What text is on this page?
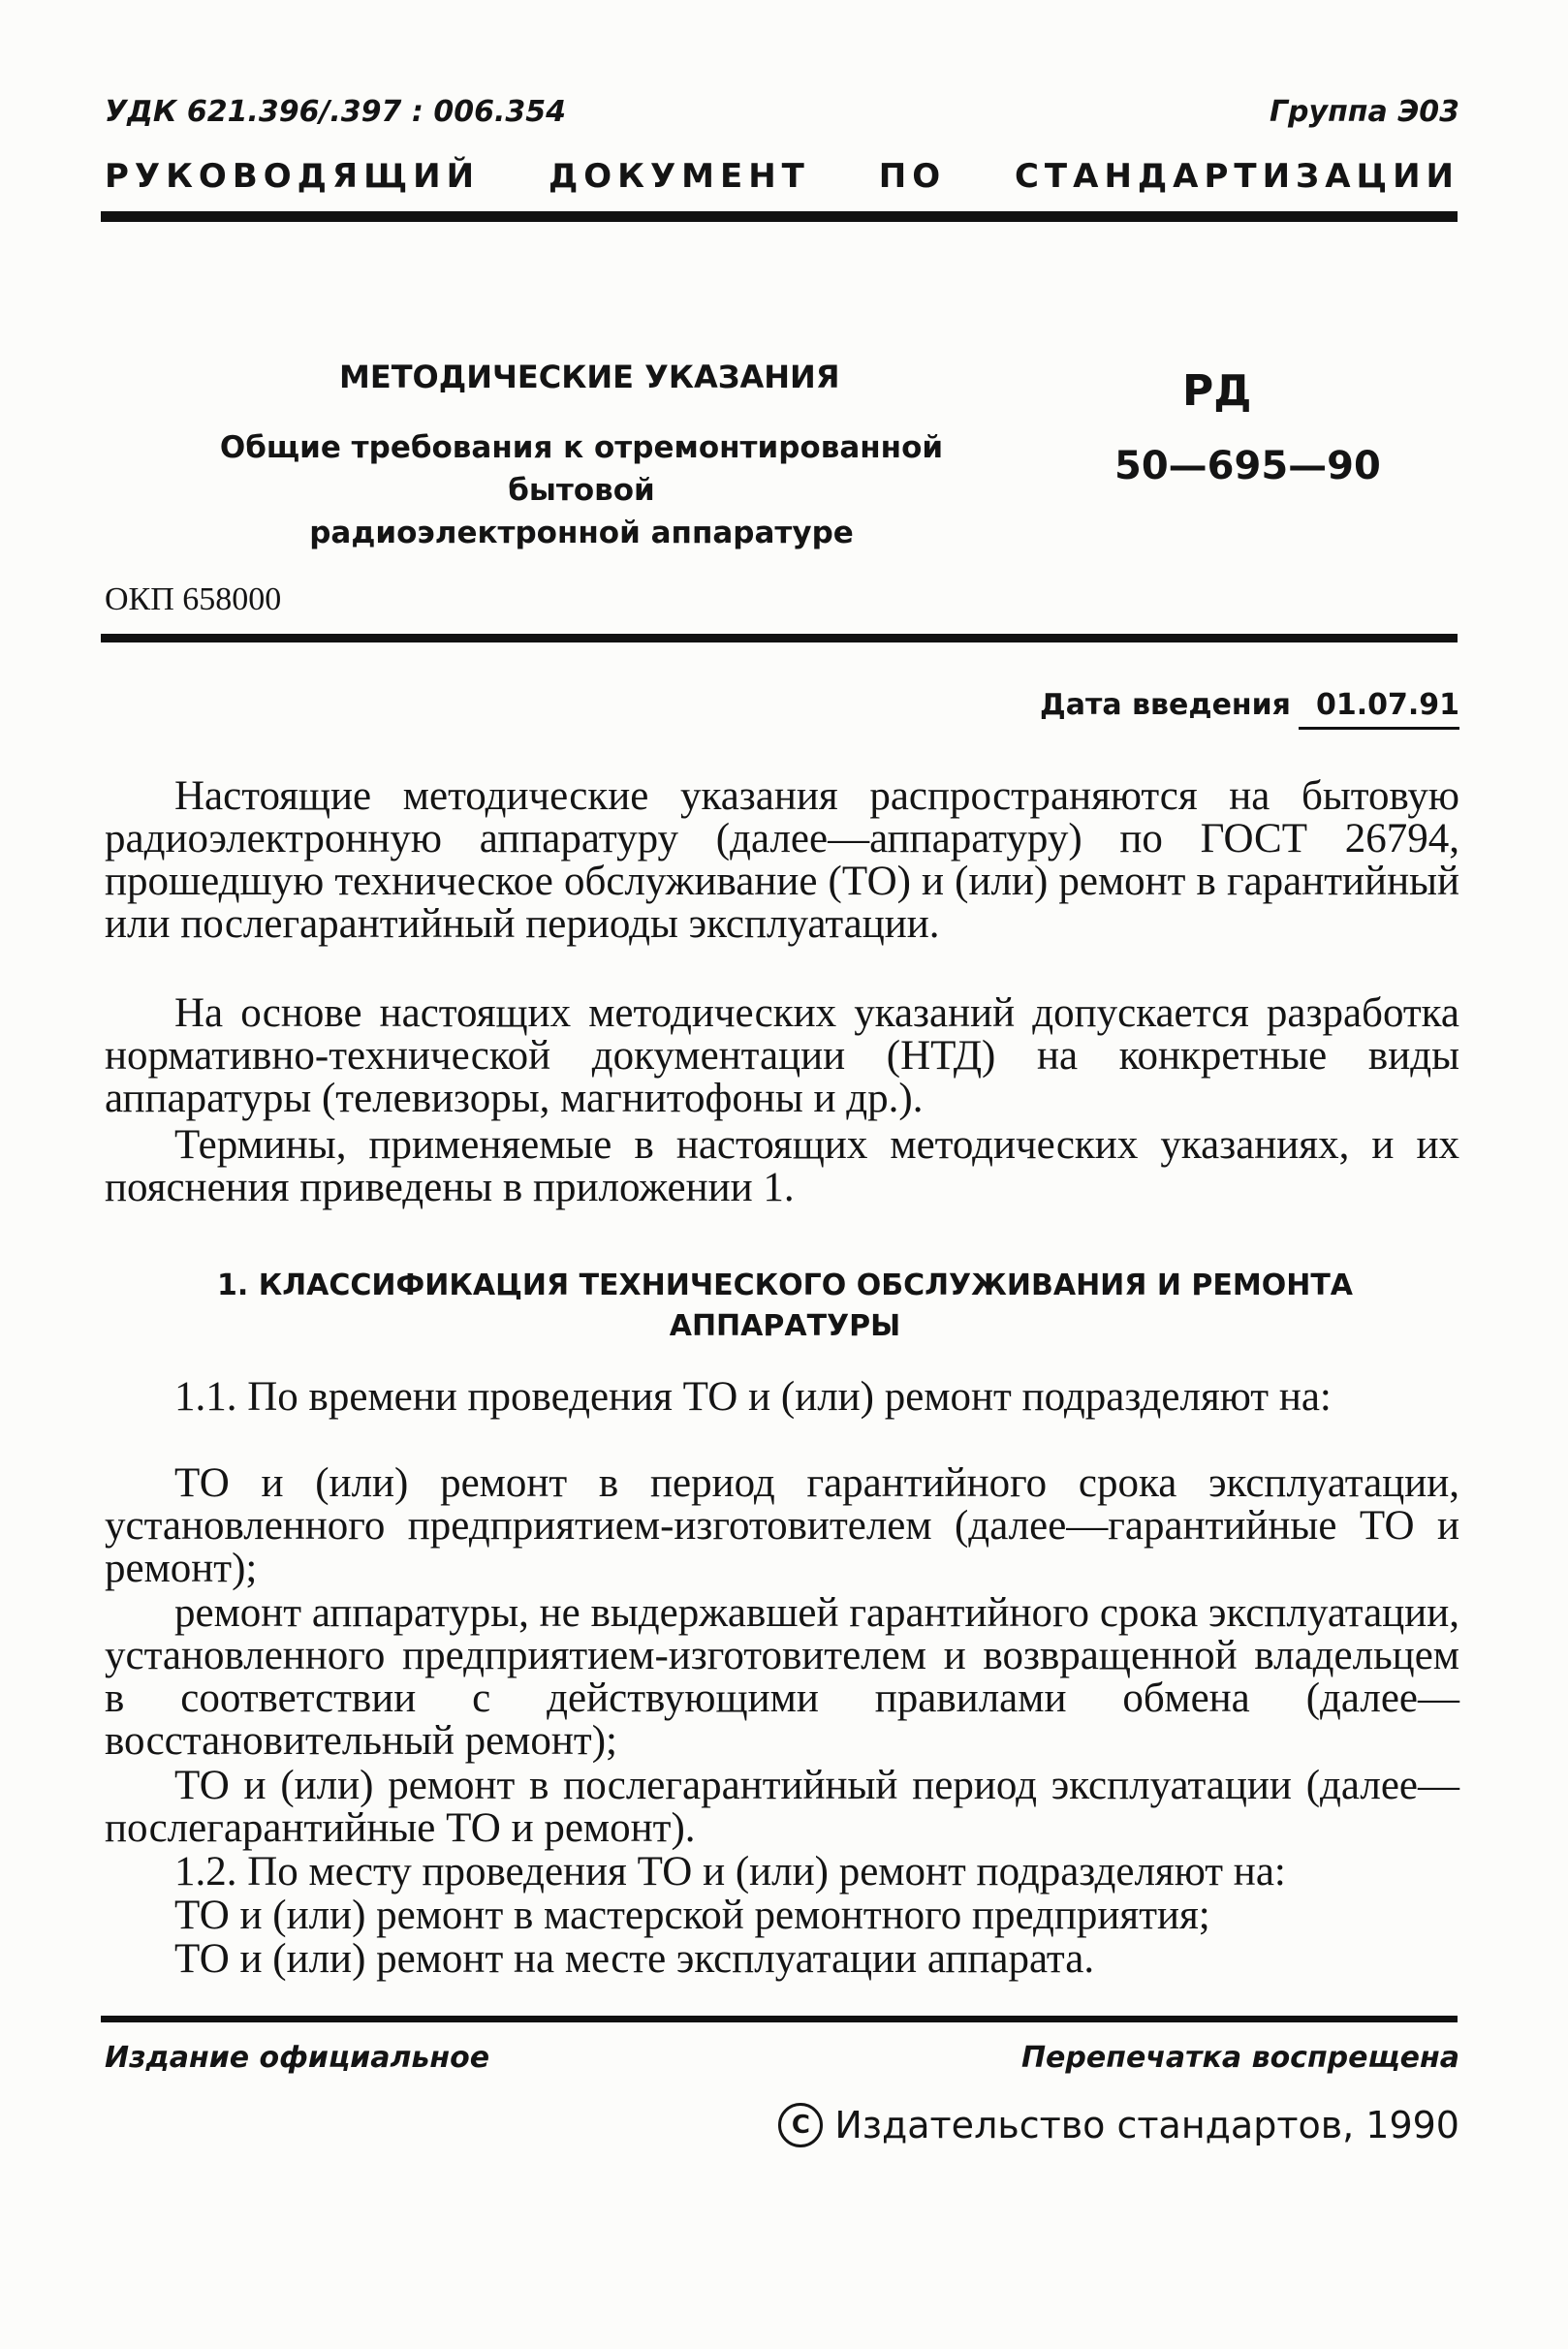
УДК 621.396/.397 : 006.354	Группа Э03
РУКОВОДЯЩИЙ ДОКУМЕНТ ПО СТАНДАРТИЗАЦИИ
МЕТОДИЧЕСКИЕ УКАЗАНИЯ
Общие требования к отремонтированной бытовой
радиоэлектронной аппаратуре
РД
50—695—90
ОКП 658000
Дата введения 01.07.91
Настоящие методические указания распространяются на бытовую радиоэлектронную аппаратуру (далее—аппаратуру) по ГОСТ 26794, прошедшую техническое обслуживание (ТО) и (или) ремонт в гарантийный или послегарантийный периоды эксплуатации.
На основе настоящих методических указаний допускается разработка нормативно-технической документации (НТД) на конкретные виды аппаратуры (телевизоры, магнитофоны и др.).
Термины, применяемые в настоящих методических указаниях, и их пояснения приведены в приложении 1.
1. КЛАССИФИКАЦИЯ ТЕХНИЧЕСКОГО ОБСЛУЖИВАНИЯ И РЕМОНТА
АППАРАТУРЫ
1.1. По времени проведения ТО и (или) ремонт подразделяют на:
ТО и (или) ремонт в период гарантийного срока эксплуатации, установленного предприятием-изготовителем (далее—гарантийные ТО и ремонт);
ремонт аппаратуры, не выдержавшей гарантийного срока эксплуатации, установленного предприятием-изготовителем и возвращенной владельцем в соответствии с действующими правилами обмена (далее—восстановительный ремонт);
ТО и (или) ремонт в послегарантийный период эксплуатации (далее—послегарантийные ТО и ремонт).
1.2. По месту проведения ТО и (или) ремонт подразделяют на:
ТО и (или) ремонт в мастерской ремонтного предприятия;
ТО и (или) ремонт на месте эксплуатации аппарата.
Издание официальное	Перепечатка воспрещена
C Издательство стандартов, 1990
